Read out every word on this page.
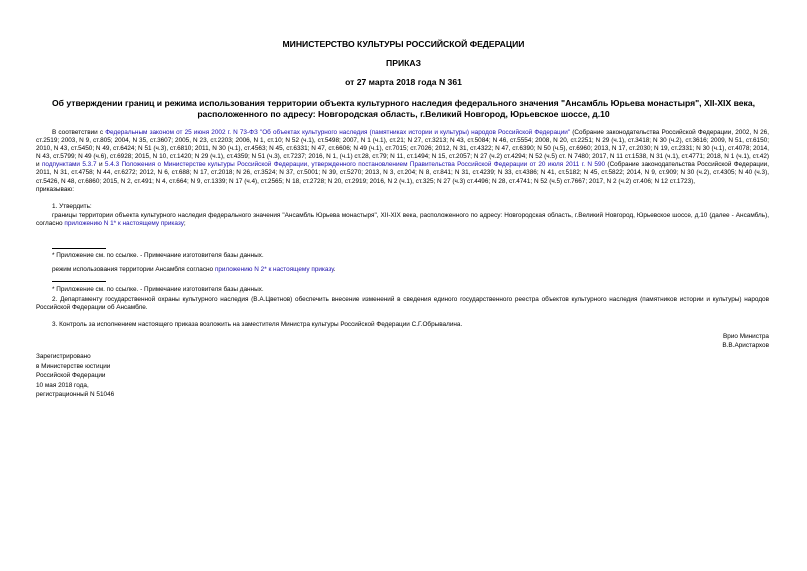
МИНИСТЕРСТВО КУЛЬТУРЫ РОССИЙСКОЙ ФЕДЕРАЦИИ
ПРИКАЗ
от 27 марта 2018 года N 361
Об утверждении границ и режима использования территории объекта культурного наследия федерального значения "Ансамбль Юрьева монастыря", XII-XIX века, расположенного по адресу: Новгородская область, г.Великий Новгород, Юрьевское шоссе, д.10
В соответствии с Федеральным законом от 25 июня 2002 г. N 73-ФЗ "Об объектах культурного наследия (памятниках истории и культуры) народов Российской Федерации" (Собрание законодательства Российской Федерации, 2002, N 26, ст.2519; 2003, N 9, ст.805; 2004, N 35, ст.3607; 2005, N 23, ст.2203; 2006, N 1, ст.10; N 52 (ч.1), ст.5498; 2007, N 1 (ч.1), ст.21; N 27, ст.3213; N 43, ст.5084; N 46, ст.5554; 2008, N 20, ст.2251; N 29 (ч.1), ст.3418; N 30 (ч.2), ст.3616; 2009, N 51, ст.6150; 2010, N 43, ст.5450; N 49, ст.6424; N 51 (ч.3), ст.6810; 2011, N 30 (ч.1), ст.4563; N 45, ст.6331; N 47, ст.6606; N 49 (ч.1), ст.7015; ст.7026; 2012, N 31, ст.4322; N 47, ст.6390; N 50 (ч.5), ст.6960; 2013, N 17, ст.2030; N 19, ст.2331; N 30 (ч.1), ст.4078; 2014, N 43, ст.5799; N 49 (ч.6), ст.6928; 2015, N 10, ст.1420; N 29 (ч.1), ст.4359; N 51 (ч.3), ст.7237; 2016, N 1, (ч.1) ст.28, ст.79; N 11, ст.1494; N 15, ст.2057; N 27 (ч.2) ст.4294; N 52 (ч.5) ст. N 7480; 2017, N 11 ст.1538, N 31 (ч.1), ст.4771; 2018, N 1 (ч.1), ст.42) и подпунктами 5.3.7 и 5.4.3 Положения о Министерстве культуры Российской Федерации, утвержденного постановлением Правительства Российской Федерации от 20 июля 2011 г. N 590 (Собрание законодательства Российской Федерации, 2011, N 31, ст.4758; N 44, ст.6272; 2012, N 6, ст.688; N 17, ст.2018; N 26, ст.3524; N 37, ст.5001; N 39, ст.5270; 2013, N 3, ст.204; N 8, ст.841; N 31, ст.4239; N 33, ст.4386; N 41, ст.5182; N 45, ст.5822; 2014, N 9, ст.909; N 30 (ч.2), ст.4305; N 40 (ч.3), ст.5426, N 48, ст.6860; 2015, N 2, ст.491; N 4, ст.664; N 9, ст.1339; N 17 (ч.4), ст.2565; N 18, ст.2728; N 20, ст.2919; 2016, N 2 (ч.1), ст.325; N 27 (ч.3) ст.4496; N 28, ст.4741; N 52 (ч.5) ст.7667; 2017, N 2 (ч.2) ст.406; N 12 ст.1723),
приказываю:
1. Утвердить:
границы территории объекта культурного наследия федерального значения "Ансамбль Юрьева монастыря", XII-XIX века, расположенного по адресу: Новгородская область, г.Великий Новгород, Юрьевское шоссе, д.10 (далее - Ансамбль), согласно приложению N 1* к настоящему приказу;
* Приложение см. по ссылке. - Примечание изготовителя базы данных.
режим использования территории Ансамбля согласно приложению N 2* к настоящему приказу.
* Приложение см. по ссылке. - Примечание изготовителя базы данных.
2. Департаменту государственной охраны культурного наследия (В.А.Цветнов) обеспечить внесение изменений в сведения единого государственного реестра объектов культурного наследия (памятников истории и культуры) народов Российской Федерации об Ансамбле.
3. Контроль за исполнением настоящего приказа возложить на заместителя Министра культуры Российской Федерации С.Г.Обрывалина.
Врио Министра
В.В.Аристархов
Зарегистрировано
в Министерстве юстиции
Российской Федерации
10 мая 2018 года,
регистрационный N 51046
